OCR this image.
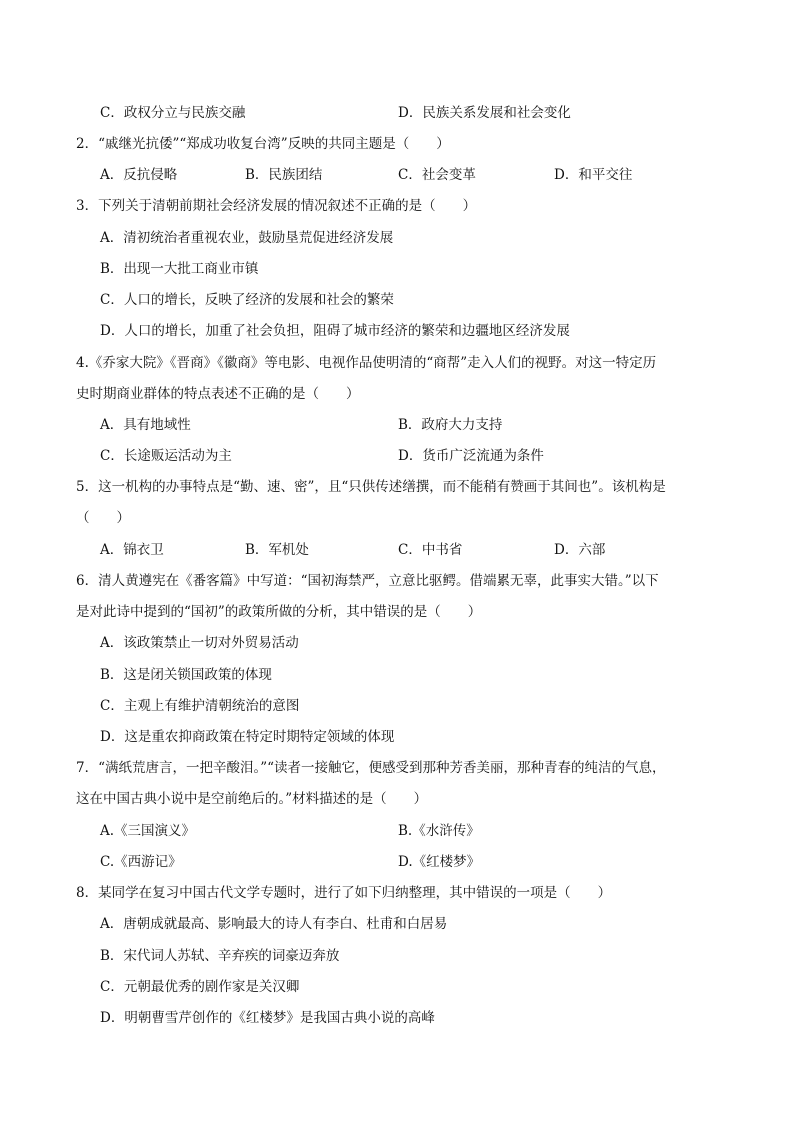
C．政权分立与民族交融	D．民族关系发展和社会变化
2．“戚继光抗倭”“郑成功收复台湾”反映的共同主题是（　　）
A．反抗侵略	B．民族团结	C．社会变革	D．和平交往
3．下列关于清朝前期社会经济发展的情况叙述不正确的是（　　）
A．清初统治者重视农业，鼓励垦荒促进经济发展
B．出现一大批工商业市镇
C．人口的增长，反映了经济的发展和社会的繁荣
D．人口的增长，加重了社会负担，阻碍了城市经济的繁荣和边疆地区经济发展
4.《乔家大院》《晋商》《徽商》等电影、电视作品使明清的“商帮”走入人们的视野。对这一特定历
史时期商业群体的特点表述不正确的是（　　）
A．具有地域性	B．政府大力支持
C．长途贩运活动为主	D．货币广泛流通为条件
5．这一机构的办事特点是“勤、速、密”，且“只供传述缮撰，而不能稍有赞画于其间也”。该机构是
（　　）
A．锦衣卫	B．军机处	C．中书省	D．六部
6．清人黄遵宪在《番客篇》中写道：“国初海禁严，立意比驱鳄。借端累无辜，此事实大错。”以下
是对此诗中提到的“国初”的政策所做的分析，其中错误的是（　　）
A．该政策禁止一切对外贸易活动
B．这是闭关锁国政策的体现
C．主观上有维护清朝统治的意图
D．这是重农抑商政策在特定时期特定领域的体现
7．“满纸荒唐言，一把辛酸泪。”“读者一接触它，便感受到那种芳香美丽，那种青春的纯洁的气息，
这在中国古典小说中是空前绝后的。”材料描述的是（　　）
A.《三国演义》	B.《水浒传》
C.《西游记》	D.《红楼梦》
8．某同学在复习中国古代文学专题时，进行了如下归纳整理，其中错误的一项是（　　）
A．唐朝成就最高、影响最大的诗人有李白、杜甫和白居易
B．宋代词人苏轼、辛弃疾的词豪迈奔放
C．元朝最优秀的剧作家是关汉卿
D．明朝曹雪芹创作的《红楼梦》是我国古典小说的高峰
